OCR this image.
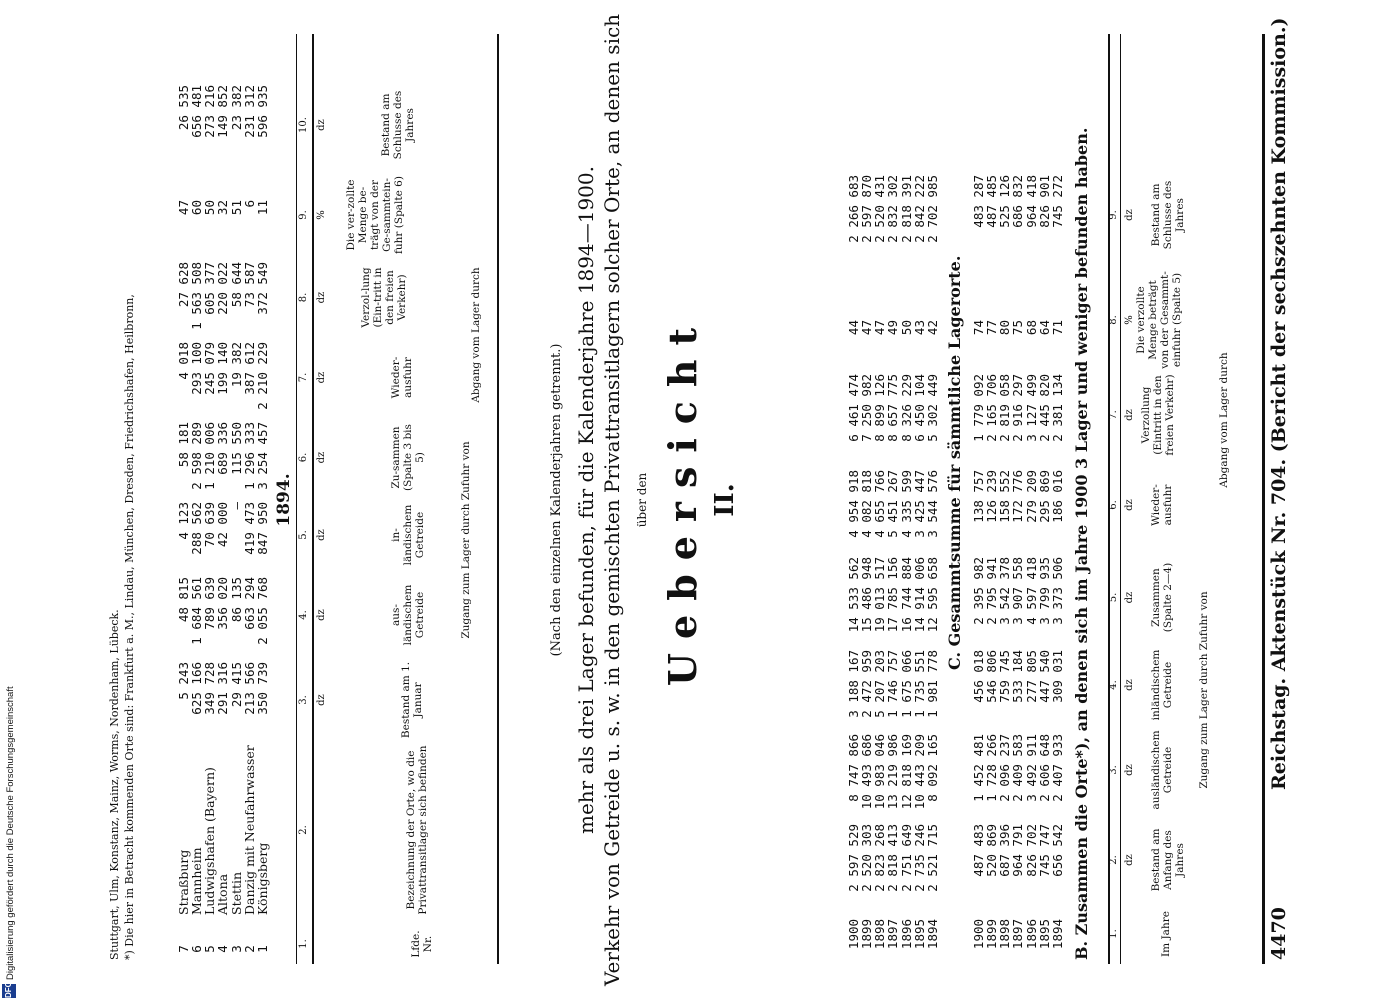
4470
Reichstag. Aktenstück Nr. 704. (Bericht der sechszehnten Kommission.)
Im Jahre
Bestand am Anfang des Jahres
Zugang zum Lager durch Zufuhr von
ausländischem Getreide
inländischem Getreide
Zusammen (Spalte 2—4)
Abgang vom Lager durch
Wieder-ausfuhr
Verzollung (Eintritt in den freien Verkehr)
Die verzollte Menge beträgt von der Gesammt-einfuhr (Spalte 5)
Bestand am Schlusse des Jahres
dz
dz
dz
dz
dz
dz
%
dz
1.
2.
3.
4.
5.
6.
7.
8.
9.
B. Zusammen die Orte*), an denen sich im Jahre 1900 3 Lager und weniger befunden haben.
1894
656 542
2 407 933
309 031
3 373 506
186 016
2 381 134
71
745 272
1895
745 747
2 606 648
447 540
3 799 935
295 869
2 445 820
64
826 901
1896
826 702
3 492 911
277 805
4 597 418
279 209
3 127 499
68
964 418
1897
964 791
2 409 583
533 184
3 907 558
172 776
2 916 297
75
686 832
1898
687 396
2 096 237
759 745
3 542 378
158 552
2 819 058
80
525 126
1899
520 869
1 728 266
546 806
2 795 941
126 239
2 165 706
77
487 485
1900
487 483
1 452 481
456 018
2 395 982
138 757
1 779 092
74
483 287
C. Gesammtsumme für sämmtliche Lagerorte.
1894
2 521 715
8 092 165
1 981 778
12 595 658
3 544 576
5 302 449
42
2 702 985
1895
2 735 246
10 443 209
1 735 551
14 914 006
3 425 447
6 450 104
43
2 842 222
1896
2 751 649
12 818 169
1 675 066
16 744 884
4 335 599
8 326 229
50
2 818 391
1897
2 818 413
13 219 986
1 746 757
17 785 156
5 451 267
8 657 775
49
2 832 302
1898
2 823 268
10 983 046
5 207 203
19 013 517
4 655 766
8 899 126
47
2 520 431
1899
2 520 303
10 493 686
2 472 959
15 486 948
4 082 818
7 250 982
47
2 597 870
1900
2 597 529
8 747 866
3 188 167
14 533 562
4 954 918
6 461 474
44
2 266 683
II.
Uebersicht
über den
Verkehr von Getreide u. s. w. in den gemischten Privattransitlagern solcher Orte, an denen sich
mehr als drei Lager befunden, für die Kalenderjahre 1894—1900.
(Nach den einzelnen Kalenderjahren getrennt.)
Lfde. Nr.
Bezeichnung der Orte, wo die Privattransitlager sich befinden
Bestand am 1. Januar
Zugang zum Lager durch Zufuhr von
aus-ländischem Getreide
in-ländischem Getreide
Zu-sammen (Spalte 3 bis 5)
Abgang vom Lager durch
Wieder-ausfuhr
Verzol-lung (Ein-tritt in den freien Verkehr)
Die ver-zollte Menge be-trägt von der Ge-sammtein-fuhr (Spalte 6)
Bestand am Schlusse des Jahres
dz
dz
dz
dz
dz
dz
%
dz
1.
2.
3.
4.
5.
6.
7.
8.
9.
10.
1894.
1
Königsberg
350 739
2 055 768
847 950
3 254 457
2 210 229
372 549
11
596 935
2
Danzig mit Neufahrwasser
213 566
663 294
419 473
1 296 333
387 612
73 587
6
231 312
3
Stettin
29 415
86 135
—
115 550
19 382
58 644
51
23 382
4
Altona
291 316
356 020
42 000
689 336
199 140
220 022
32
149 852
5
Ludwigshafen (Bayern)
349 728
789 639
70 639
1 210 006
245 079
605 377
50
273 216
6
Mannheim
625 166
1 684 561
288 562
2 598 289
293 100
1 563 508
60
656 481
7
Straßburg
5 243
48 815
4 123
58 181
4 018
27 628
47
26 535
*) Die hier in Betracht kommenden Orte sind: Frankfurt a. M., Lindau, München, Dresden, Friedrichshafen, Heilbronn,
Stuttgart, Ulm, Konstanz, Mainz, Worms, Nordenham, Lübeck.
Digitalisierung gefördert durch die Deutsche Forschungsgemeinschaft
DFG
